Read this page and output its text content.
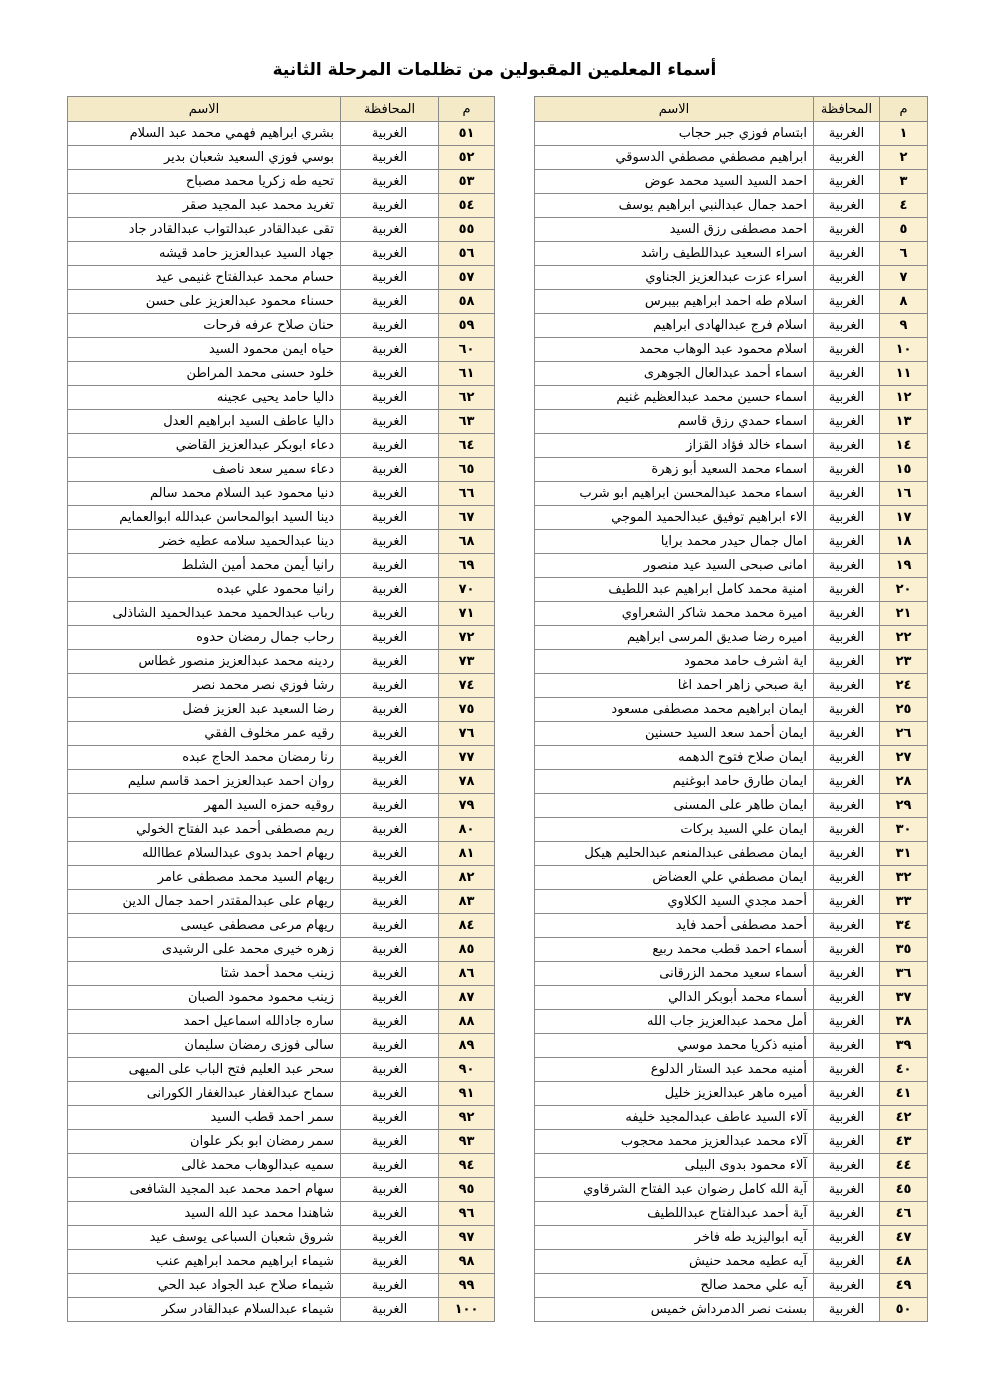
أسماء المعلمين المقبولين من تظلمات المرحلة الثانية
م	المحافظة	الاسم
١	الغربية	ابتسام فوزي جبر حجاب
٢	الغربية	ابراهيم مصطفي مصطفي الدسوقي
٣	الغربية	احمد السيد السيد محمد عوض
٤	الغربية	احمد جمال عبدالنبي ابراهيم يوسف
٥	الغربية	احمد مصطفى رزق السيد
٦	الغربية	اسراء السعيد عبداللطيف راشد
٧	الغربية	اسراء عزت عبدالعزيز الجناوي
٨	الغربية	اسلام طه احمد ابراهيم بيبرس
٩	الغربية	اسلام فرج عبدالهادى ابراهيم
١٠	الغربية	اسلام محمود عبد الوهاب محمد
١١	الغربية	اسماء أحمد عبدالعال الجوهرى
١٢	الغربية	اسماء حسين محمد عبدالعظيم غنيم
١٣	الغربية	اسماء حمدي رزق قاسم
١٤	الغربية	اسماء خالد فؤاد القزاز
١٥	الغربية	اسماء محمد السعيد أبو زهرة
١٦	الغربية	اسماء محمد عبدالمحسن ابراهيم ابو شرب
١٧	الغربية	الاء ابراهيم توفيق عبدالحميد الموجي
١٨	الغربية	امال جمال حيدر محمد برايا
١٩	الغربية	امانى صبحى السيد عيد منصور
٢٠	الغربية	امنية محمد كامل ابراهيم عبد اللطيف
٢١	الغربية	اميرة محمد محمد شاكر الشعراوي
٢٢	الغربية	اميره رضا صديق المرسى ابراهيم
٢٣	الغربية	اية اشرف حامد محمود
٢٤	الغربية	اية صبحي زاهر احمد اغا
٢٥	الغربية	ايمان ابراهيم محمد مصطفى مسعود
٢٦	الغربية	ايمان أحمد سعد السيد حسنين
٢٧	الغربية	ايمان صلاح فتوح الدهمه
٢٨	الغربية	ايمان طارق حامد ابوغنيم
٢٩	الغربية	ايمان طاهر على المسنى
٣٠	الغربية	ايمان علي السيد بركات
٣١	الغربية	ايمان مصطفى عبدالمنعم عبدالحليم هيكل
٣٢	الغربية	ايمان مصطفي علي العضاض
٣٣	الغربية	أحمد مجدي السيد الكلاوي
٣٤	الغربية	أحمد مصطفى أحمد فايد
٣٥	الغربية	أسماء احمد قطب محمد ربيع
٣٦	الغربية	أسماء سعيد محمد الزرقانى
٣٧	الغربية	أسماء محمد أبوبكر الدالي
٣٨	الغربية	أمل محمد عبدالعزيز جاب الله
٣٩	الغربية	أمنيه ذكريا محمد موسي
٤٠	الغربية	أمنيه محمد عبد الستار الدلوع
٤١	الغربية	أميره ماهر عبدالعزيز خليل
٤٢	الغربية	آلاء السيد عاطف عبدالمجيد خليفه
٤٣	الغربية	آلاء محمد عبدالعزيز محمد محجوب
٤٤	الغربية	آلاء محمود بدوى البيلى
٤٥	الغربية	آية الله كامل رضوان عبد الفتاح الشرقاوي
٤٦	الغربية	آية أحمد عبدالفتاح عبداللطيف
٤٧	الغربية	آيه ابواليزيد طه فاخر
٤٨	الغربية	آيه عطيه محمد حنيش
٤٩	الغربية	آيه علي محمد صالح
٥٠	الغربية	بسنت نصر الدمرداش خميس
م	المحافظة	الاسم
٥١	الغربية	بشري ابراهيم فهمي محمد عبد السلام
٥٢	الغربية	بوسي فوزي السعيد شعبان بدير
٥٣	الغربية	تحيه طه زكريا محمد مصباح
٥٤	الغربية	تغريد محمد عبد المجيد صقر
٥٥	الغربية	تقى عبدالقادر عبدالتواب عبدالقادر جاد
٥٦	الغربية	جهاد السيد عبدالعزيز حامد قيشه
٥٧	الغربية	حسام محمد عبدالفتاح غنيمى عيد
٥٨	الغربية	حسناء محمود عبدالعزيز على حسن
٥٩	الغربية	حنان صلاح عرفه فرحات
٦٠	الغربية	حياه ايمن محمود السيد
٦١	الغربية	خلود حسنى محمد المراطن
٦٢	الغربية	داليا حامد يحيى عجينه
٦٣	الغربية	داليا عاطف السيد ابراهيم العدل
٦٤	الغربية	دعاء ابوبكر عبدالعزيز القاضي
٦٥	الغربية	دعاء سمير سعد ناصف
٦٦	الغربية	دنيا محمود عبد السلام محمد سالم
٦٧	الغربية	دينا السيد ابوالمحاسن عبدالله ابوالعمايم
٦٨	الغربية	دينا عبدالحميد سلامه عطيه خضر
٦٩	الغربية	رانيا أيمن محمد أمين الشلط
٧٠	الغربية	رانيا محمود علي عبده
٧١	الغربية	رباب عبدالحميد محمد عبدالحميد الشاذلى
٧٢	الغربية	رحاب جمال رمضان حدوه
٧٣	الغربية	ردينه محمد عبدالعزيز منصور غطاس
٧٤	الغربية	رشا فوزي نصر محمد نصر
٧٥	الغربية	رضا السعيد عبد العزيز فضل
٧٦	الغربية	رقيه عمر مخلوف الفقي
٧٧	الغربية	رنا رمضان محمد الحاج عبده
٧٨	الغربية	روان احمد عبدالعزيز احمد قاسم سليم
٧٩	الغربية	روقيه حمزه السيد المهر
٨٠	الغربية	ريم مصطفى أحمد عبد الفتاح الخولي
٨١	الغربية	ريهام احمد بدوى عبدالسلام عطاالله
٨٢	الغربية	ريهام السيد محمد مصطفى عامر
٨٣	الغربية	ريهام على عبدالمقتدر احمد جمال الدين
٨٤	الغربية	ريهام مرعى مصطفى عيسى
٨٥	الغربية	زهره خيرى محمد على الرشيدى
٨٦	الغربية	زينب محمد أحمد شتا
٨٧	الغربية	زينب محمود محمود الصبان
٨٨	الغربية	ساره جادالله اسماعيل احمد
٨٩	الغربية	سالى فوزى رمضان سليمان
٩٠	الغربية	سحر عبد العليم فتح الباب على الميهى
٩١	الغربية	سماح عبدالغفار عبدالغفار الكورانى
٩٢	الغربية	سمر احمد قطب السيد
٩٣	الغربية	سمر رمضان ابو بكر علوان
٩٤	الغربية	سميه عبدالوهاب محمد غالى
٩٥	الغربية	سهام احمد محمد عبد المجيد الشافعى
٩٦	الغربية	شاهندا محمد عبد الله السيد
٩٧	الغربية	شروق شعبان السباعى يوسف عيد
٩٨	الغربية	شيماء ابراهيم محمد ابراهيم عنب
٩٩	الغربية	شيماء صلاح عبد الجواد عبد الحي
١٠٠	الغربية	شيماء عبدالسلام عبدالقادر سكر
